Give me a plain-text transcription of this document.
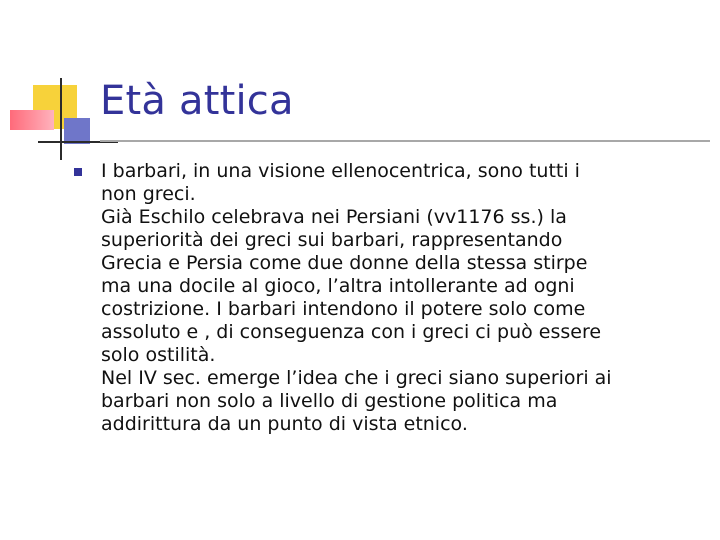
Età attica

I barbari, in una visione ellenocentrica, sono tutti i
non greci.

Già Eschilo celebrava nei Persiani (vv1176 ss.) la
superiorità dei greci sui barbari, rappresentando
Grecia e Persia come due donne della stessa stirpe
ma una docile al gioco, l’altra intollerante ad ogni
costrizione. I barbari intendono il potere solo come
assoluto e , di conseguenza con i greci ci può essere
solo ostilità.

Nel IV sec. emerge l’idea che i greci siano superiori ai
barbari non solo a livello di gestione politica ma
addirittura da un punto di vista etnico.
